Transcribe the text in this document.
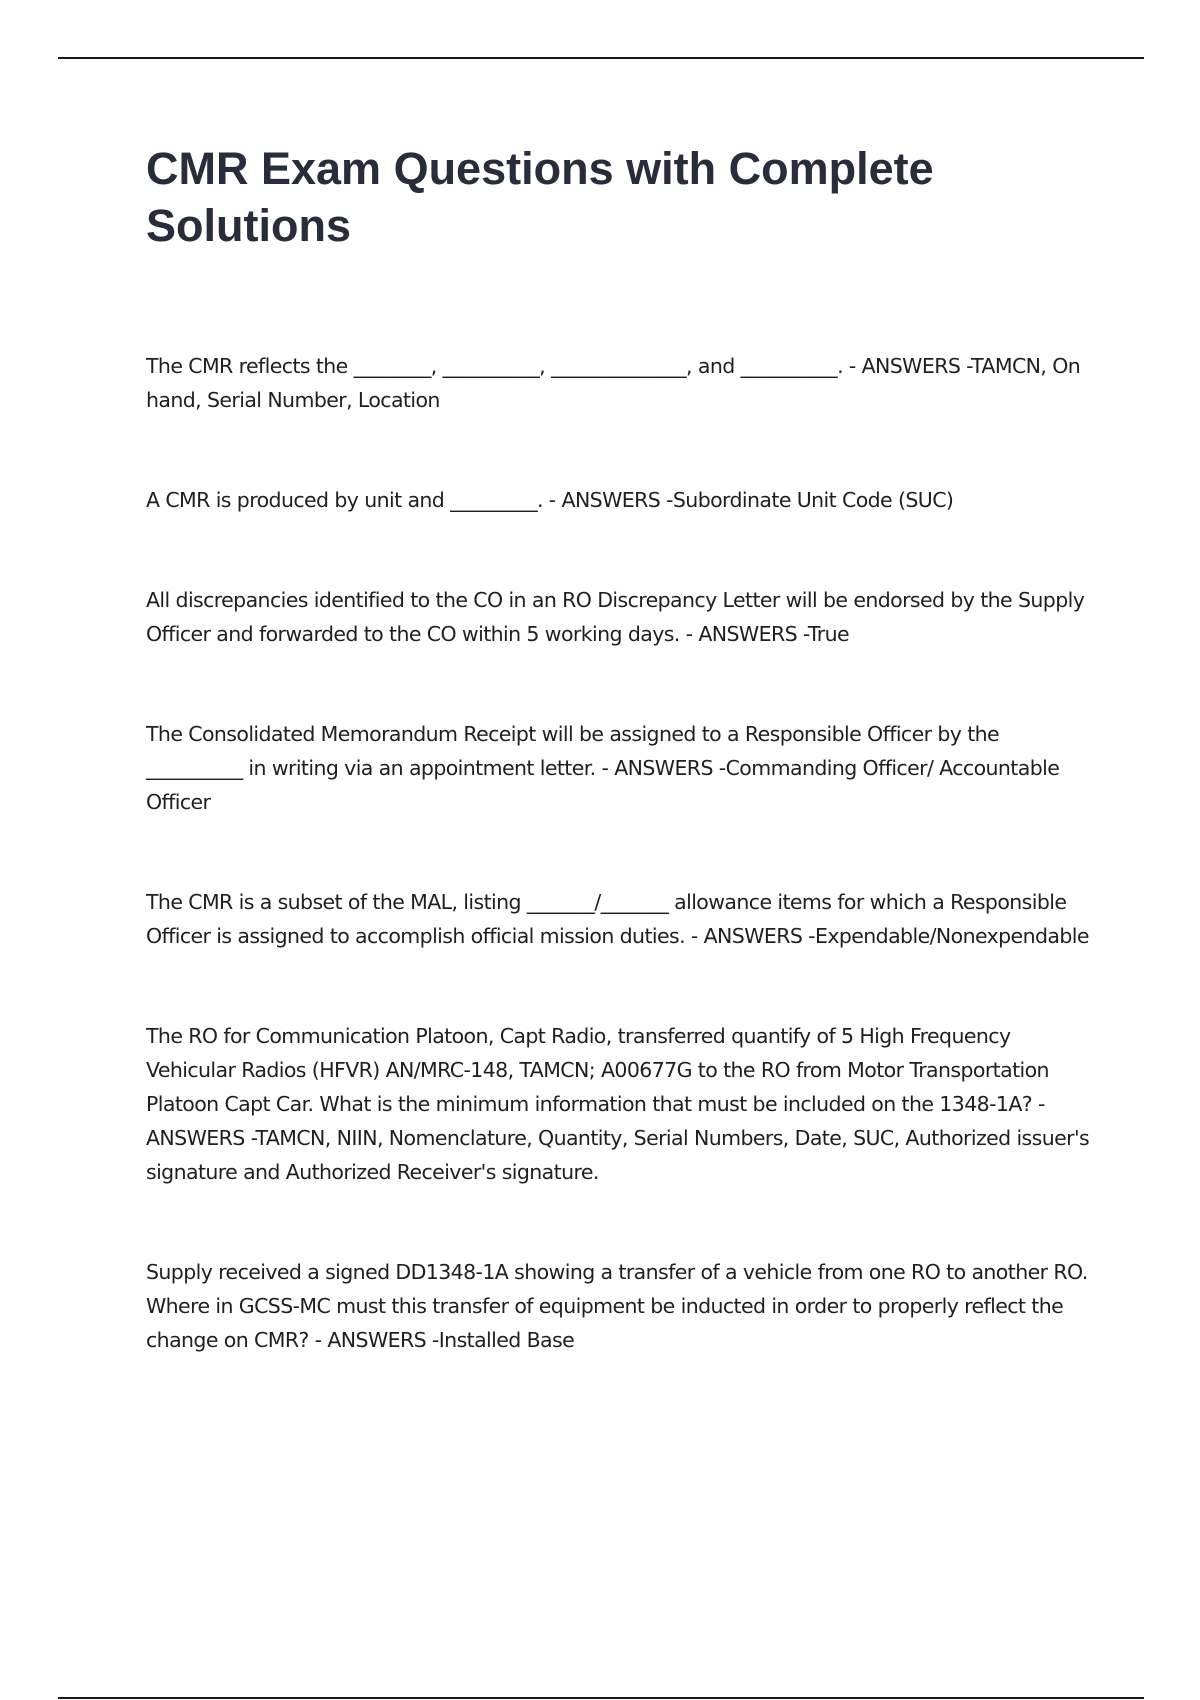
CMR Exam Questions with Complete Solutions

The CMR reflects the ________, __________, ______________, and __________. - ANSWERS -TAMCN, On hand, Serial Number, Location

A CMR is produced by unit and _________. - ANSWERS -Subordinate Unit Code (SUC)

All discrepancies identified to the CO in an RO Discrepancy Letter will be endorsed by the Supply Officer and forwarded to the CO within 5 working days. - ANSWERS -True

The Consolidated Memorandum Receipt will be assigned to a Responsible Officer by the __________ in writing via an appointment letter. - ANSWERS -Commanding Officer/ Accountable Officer

The CMR is a subset of the MAL, listing _______/_______ allowance items for which a Responsible Officer is assigned to accomplish official mission duties. - ANSWERS -Expendable/Nonexpendable

The RO for Communication Platoon, Capt Radio, transferred quantify of 5 High Frequency Vehicular Radios (HFVR) AN/MRC-148, TAMCN; A00677G to the RO from Motor Transportation Platoon Capt Car. What is the minimum information that must be included on the 1348-1A? - ANSWERS -TAMCN, NIIN, Nomenclature, Quantity, Serial Numbers, Date, SUC, Authorized issuer's signature and Authorized Receiver's signature.

Supply received a signed DD1348-1A showing a transfer of a vehicle from one RO to another RO. Where in GCSS-MC must this transfer of equipment be inducted in order to properly reflect the change on CMR? - ANSWERS -Installed Base
